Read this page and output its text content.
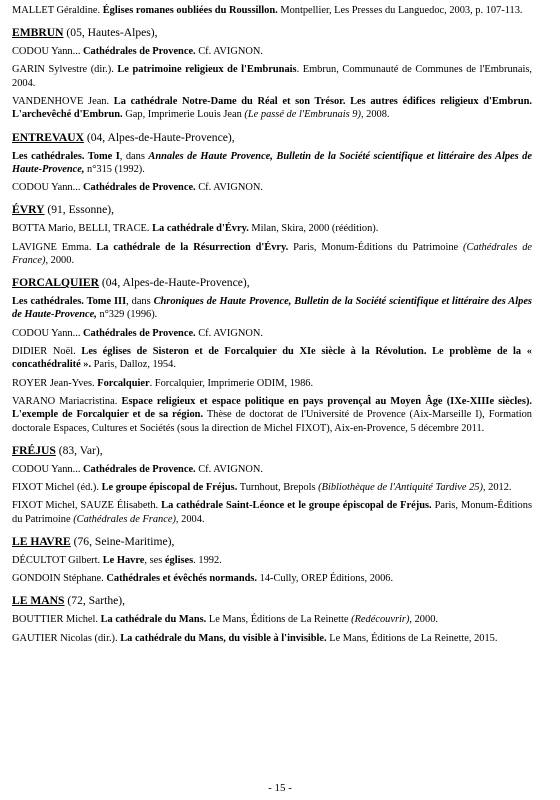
MALLET Géraldine. Églises romanes oubliées du Roussillon. Montpellier, Les Presses du Languedoc, 2003, p. 107-113.
EMBRUN (05, Hautes-Alpes),
CODOU Yann... Cathédrales de Provence. Cf. AVIGNON.
GARIN Sylvestre (dir.). Le patrimoine religieux de l'Embrunais. Embrun, Communauté de Communes de l'Embrunais, 2004.
VANDENHOVE Jean. La cathédrale Notre-Dame du Réal et son Trésor. Les autres édifices religieux d'Embrun. L'archevêché d'Embrun. Gap, Imprimerie Louis Jean (Le passé de l'Embrunais 9), 2008.
ENTREVAUX (04, Alpes-de-Haute-Provence),
Les cathédrales. Tome I, dans Annales de Haute Provence, Bulletin de la Société scientifique et littéraire des Alpes de Haute-Provence, n°315 (1992).
CODOU Yann... Cathédrales de Provence. Cf. AVIGNON.
ÉVRY (91, Essonne),
BOTTA Mario, BELLI, TRACE. La cathédrale d'Évry. Milan, Skira, 2000 (réédition).
LAVIGNE Emma. La cathédrale de la Résurrection d'Évry. Paris, Monum-Éditions du Patrimoine (Cathédrales de France), 2000.
FORCALQUIER (04, Alpes-de-Haute-Provence),
Les cathédrales. Tome III, dans Chroniques de Haute Provence, Bulletin de la Société scientifique et littéraire des Alpes de Haute-Provence, n°329 (1996).
CODOU Yann... Cathédrales de Provence. Cf. AVIGNON.
DIDIER Noël. Les églises de Sisteron et de Forcalquier du XIe siècle à la Révolution. Le problème de la « concathédralité ». Paris, Dalloz, 1954.
ROYER Jean-Yves. Forcalquier. Forcalquier, Imprimerie ODIM, 1986.
VARANO Mariacristina. Espace religieux et espace politique en pays provençal au Moyen Âge (IXe-XIIIe siècles). L'exemple de Forcalquier et de sa région. Thèse de doctorat de l'Université de Provence (Aix-Marseille I), Formation doctorale Espaces, Cultures et Sociétés (sous la direction de Michel FIXOT), Aix-en-Provence, 5 décembre 2011.
FRÉJUS (83, Var),
CODOU Yann... Cathédrales de Provence. Cf. AVIGNON.
FIXOT Michel (éd.). Le groupe épiscopal de Fréjus. Turnhout, Brepols (Bibliothèque de l'Antiquité Tardive 25), 2012.
FIXOT Michel, SAUZE Élisabeth. La cathédrale Saint-Léonce et le groupe épiscopal de Fréjus. Paris, Monum-Éditions du Patrimoine (Cathédrales de France), 2004.
LE HAVRE (76, Seine-Maritime),
DÉCULTOT Gilbert. Le Havre, ses églises. 1992.
GONDOIN Stéphane. Cathédrales et évêchés normands. 14-Cully, OREP Éditions, 2006.
LE MANS (72, Sarthe),
BOUTTIER Michel. La cathédrale du Mans. Le Mans, Éditions de La Reinette (Redécouvrir), 2000.
GAUTIER Nicolas (dir.). La cathédrale du Mans, du visible à l'invisible. Le Mans, Éditions de La Reinette, 2015.
- 15 -
